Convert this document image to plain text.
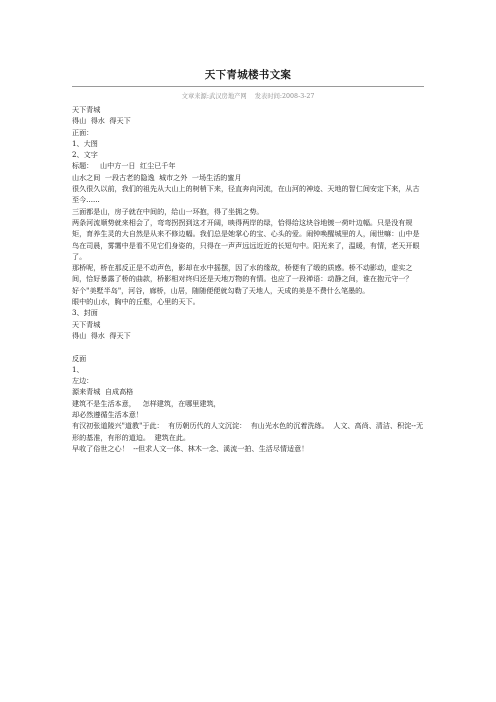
天下青城楼书文案
文章来源:武汉房地产网 发表时间:2008-3-27
天下青城
得山  得水  得天下
正面：
1、大图
2、文字
标题：   山中方一日  红尘已千年
山水之间  一段古老的隐逸  城市之外  一场生活的蜜月
很久很久以前，我们的祖先从大山上的树梢下来，径直奔向河流，在山河的神迹、天地的智仁间安定下来，从古至今......
三面都是山，房子就在中间的，给山一环抱，得了坐拥之势。
两条河流顺势就来相会了，弯弯拐拐到这才开阔，映得两岸的绿，恰得给这块谷地镀一荷叶边幅。只是没有规矩，育养生灵的大自然是从来不修边幅。我们总是她掌心的宝、心头的爱。闹钟唤醒城里的人，闹世嘛：山中是鸟在司晨，雾霭中是看不见它们身姿的，只得在一声声远远近近的长短句中。阳光来了，温暖，有情，老天开眼了。
那桥呢，桥在那反正是不动声色，影却在水中摇摆，因了水的缘故，桥便有了缎的质感。桥不动影动，虚实之间，恰好暴露了桥的曲款，桥影相对终归还是天地万物的有情。也应了一段禅语：动静之间，谁在抱元守一？
好个"美墅半岛"，河谷，廊桥，山居，随随便便就勾勒了天地人，天成的美是不费什么笔墨的。
眼中的山水，胸中的丘壑，心里的天下。
3、封面
天下青城
得山  得水  得天下
反面
1、
左边：
源来青城  自成高格
建筑不是生活本意，   怎样建筑，在哪里建筑，
却必然遵循生活本意！
有汉初张道陵兴"道教"于此：  有历朝历代的人文沉淀：  有山光水色的沉着洗练。  人文、高尚、清洁、积淀--无形的基准，有形的道迫。  建筑在此。
早收了俗世之心！  --但求人文一体、林木一念、溪流一拍、生活尽情适意！
